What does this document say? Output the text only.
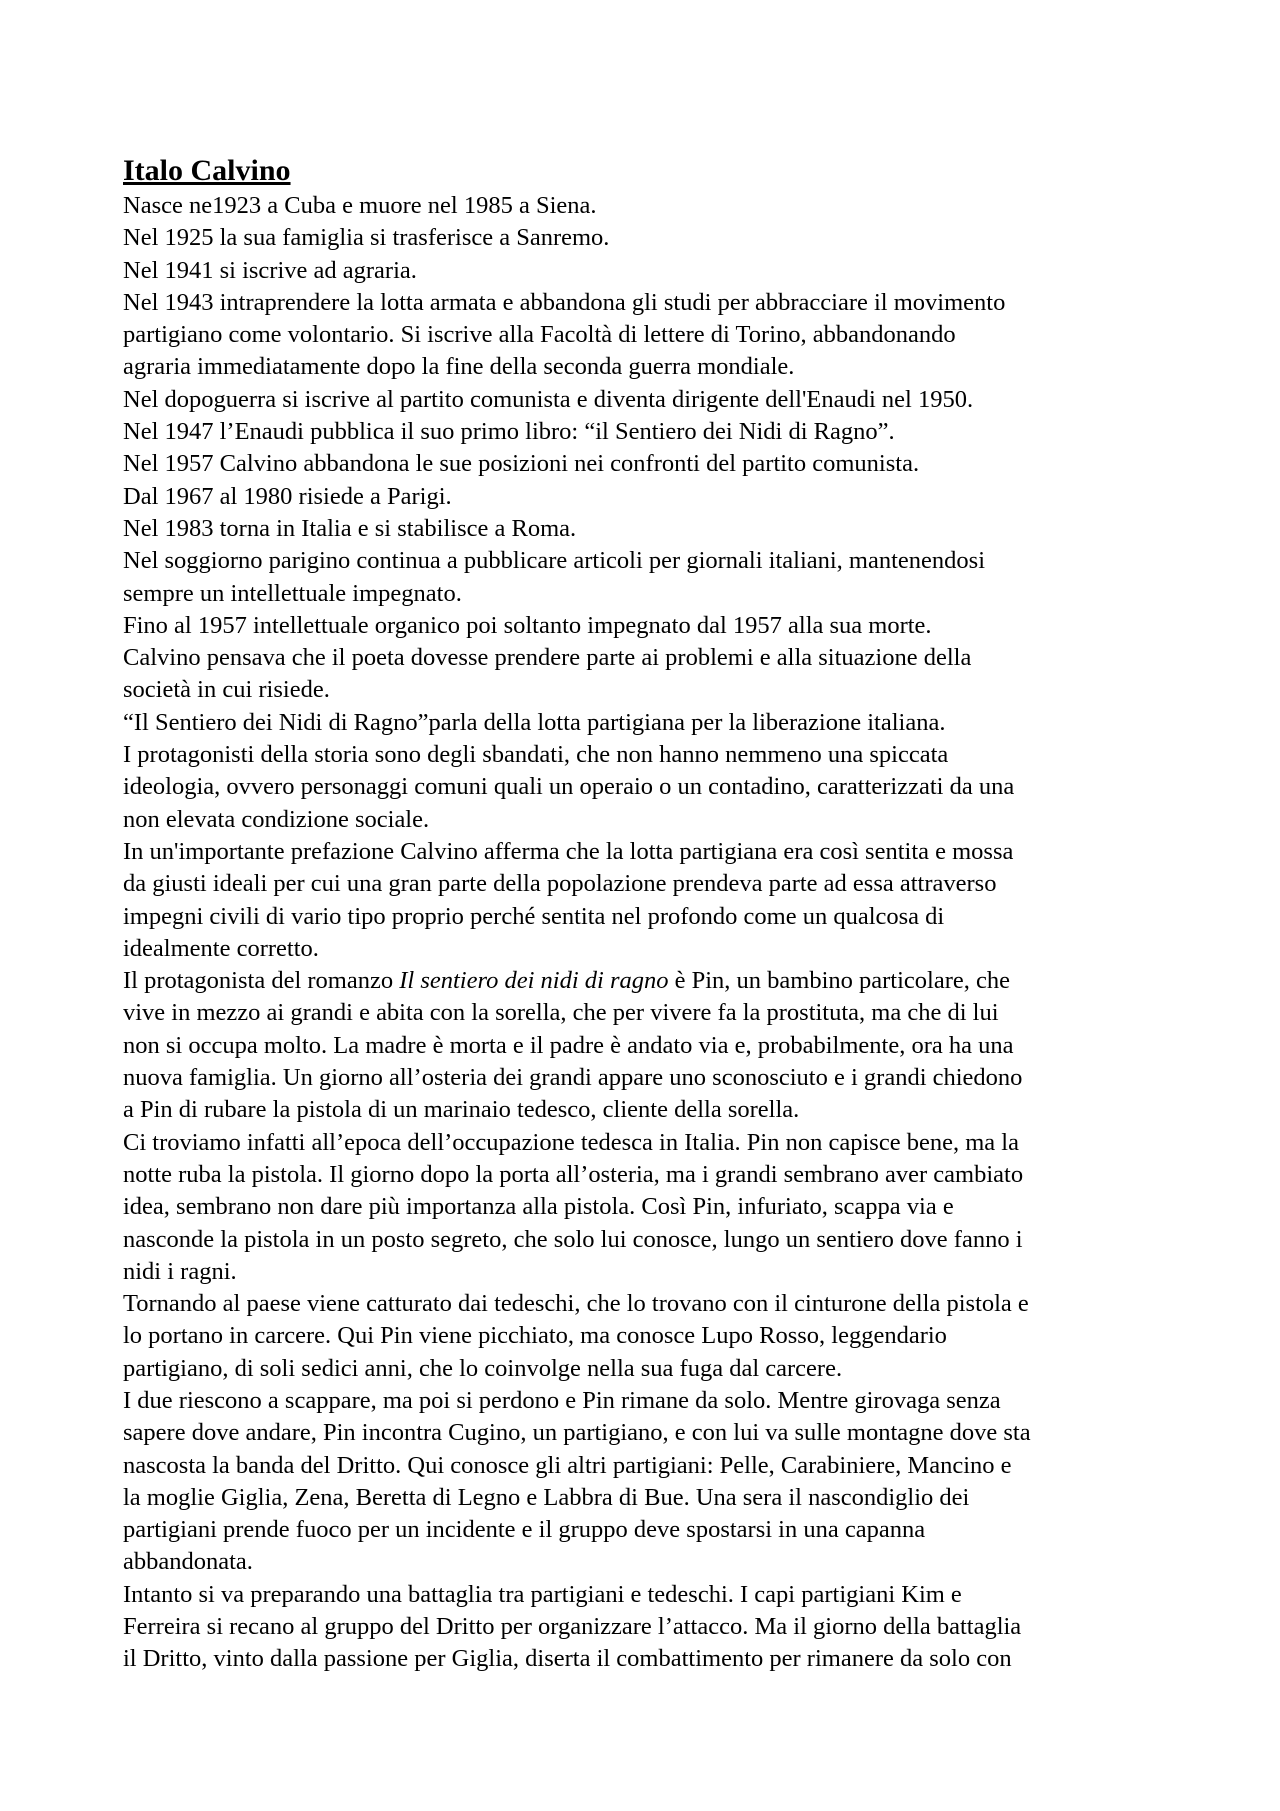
Italo Calvino

Nasce ne1923 a Cuba e muore nel 1985 a Siena.

Nel 1925 la sua famiglia si trasferisce a Sanremo.

Nel 1941 si iscrive ad agraria.

Nel 1943 intraprendere la lotta armata e abbandona gli studi per abbracciare il movimento
partigiano come volontario. Si iscrive alla Facoltà di lettere di Torino, abbandonando
agraria immediatamente dopo la fine della seconda guerra mondiale.

Nel dopoguerra si iscrive al partito comunista e diventa dirigente dell'Enaudi nel 1950.

Nel 1947 l’Enaudi pubblica il suo primo libro: “il Sentiero dei Nidi di Ragno”.

Nel 1957 Calvino abbandona le sue posizioni nei confronti del partito comunista.

Dal 1967 al 1980 risiede a Parigi.

Nel 1983 torna in Italia e si stabilisce a Roma.

Nel soggiorno parigino continua a pubblicare articoli per giornali italiani, mantenendosi
sempre un intellettuale impegnato.

Fino al 1957 intellettuale organico poi soltanto impegnato dal 1957 alla sua morte.

Calvino pensava che il poeta dovesse prendere parte ai problemi e alla situazione della
società in cui risiede.

“Il Sentiero dei Nidi di Ragno”parla della lotta partigiana per la liberazione italiana.

I protagonisti della storia sono degli sbandati, che non hanno nemmeno una spiccata
ideologia, ovvero personaggi comuni quali un operaio o un contadino, caratterizzati da una
non elevata condizione sociale.

In un'importante prefazione Calvino afferma che la lotta partigiana era così sentita e mossa
da giusti ideali per cui una gran parte della popolazione prendeva parte ad essa attraverso
impegni civili di vario tipo proprio perché sentita nel profondo come un qualcosa di
idealmente corretto.

Il protagonista del romanzo Il sentiero dei nidi di ragno è Pin, un bambino particolare, che
vive in mezzo ai grandi e abita con la sorella, che per vivere fa la prostituta, ma che di lui
non si occupa molto. La madre è morta e il padre è andato via e, probabilmente, ora ha una
nuova famiglia. Un giorno all’osteria dei grandi appare uno sconosciuto e i grandi chiedono
a Pin di rubare la pistola di un marinaio tedesco, cliente della sorella.

Ci troviamo infatti all’epoca dell’occupazione tedesca in Italia. Pin non capisce bene, ma la
notte ruba la pistola. Il giorno dopo la porta all’osteria, ma i grandi sembrano aver cambiato
idea, sembrano non dare più importanza alla pistola. Così Pin, infuriato, scappa via e
nasconde la pistola in un posto segreto, che solo lui conosce, lungo un sentiero dove fanno i
nidi i ragni.

Tornando al paese viene catturato dai tedeschi, che lo trovano con il cinturone della pistola e
lo portano in carcere. Qui Pin viene picchiato, ma conosce Lupo Rosso, leggendario
partigiano, di soli sedici anni, che lo coinvolge nella sua fuga dal carcere.

I due riescono a scappare, ma poi si perdono e Pin rimane da solo. Mentre girovaga senza
sapere dove andare, Pin incontra Cugino, un partigiano, e con lui va sulle montagne dove sta
nascosta la banda del Dritto. Qui conosce gli altri partigiani: Pelle, Carabiniere, Mancino e
la moglie Giglia, Zena, Beretta di Legno e Labbra di Bue. Una sera il nascondiglio dei
partigiani prende fuoco per un incidente e il gruppo deve spostarsi in una capanna
abbandonata.

Intanto si va preparando una battaglia tra partigiani e tedeschi. I capi partigiani Kim e
Ferreira si recano al gruppo del Dritto per organizzare l’attacco. Ma il giorno della battaglia
il Dritto, vinto dalla passione per Giglia, diserta il combattimento per rimanere da solo con
